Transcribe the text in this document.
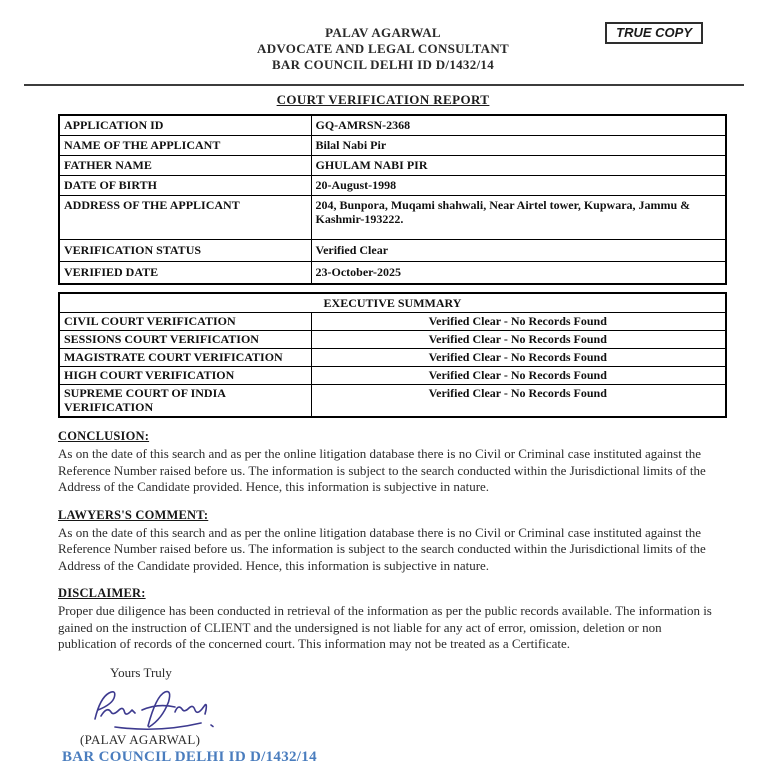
TRUE COPY
PALAV AGARWAL
ADVOCATE AND LEGAL CONSULTANT
BAR COUNCIL DELHI ID D/1432/14
COURT VERIFICATION REPORT
APPLICATION ID	GQ-AMRSN-2368
NAME OF THE APPLICANT	Bilal Nabi Pir
FATHER NAME	GHULAM NABI PIR
DATE OF BIRTH	20-August-1998
ADDRESS OF THE APPLICANT	204, Bunpora, Muqami shahwali, Near Airtel tower, Kupwara, Jammu & Kashmir-193222.
VERIFICATION STATUS	Verified Clear
VERIFIED DATE	23-October-2025
EXECUTIVE SUMMARY	
CIVIL COURT VERIFICATION	Verified Clear - No Records Found
SESSIONS COURT VERIFICATION	Verified Clear - No Records Found
MAGISTRATE COURT VERIFICATION	Verified Clear - No Records Found
HIGH COURT VERIFICATION	Verified Clear - No Records Found
SUPREME COURT OF INDIA VERIFICATION	Verified Clear - No Records Found
CONCLUSION:
As on the date of this search and as per the online litigation database there is no Civil or Criminal case instituted against the Reference Number raised before us. The information is subject to the search conducted within the Jurisdictional limits of the Address of the Candidate provided. Hence, this information is subjective in nature.
LAWYERS'S COMMENT:
As on the date of this search and as per the online litigation database there is no Civil or Criminal case instituted against the Reference Number raised before us. The information is subject to the search conducted within the Jurisdictional limits of the Address of the Candidate provided. Hence, this information is subjective in nature.
DISCLAIMER:
Proper due diligence has been conducted in retrieval of the information as per the public records available. The information is gained on the instruction of CLIENT and the undersigned is not liable for any act of error, omission, deletion or non publication of records of the concerned court. This information may not be treated as a Certificate.
Yours Truly
(PALAV AGARWAL)
BAR COUNCIL DELHI ID D/1432/14
